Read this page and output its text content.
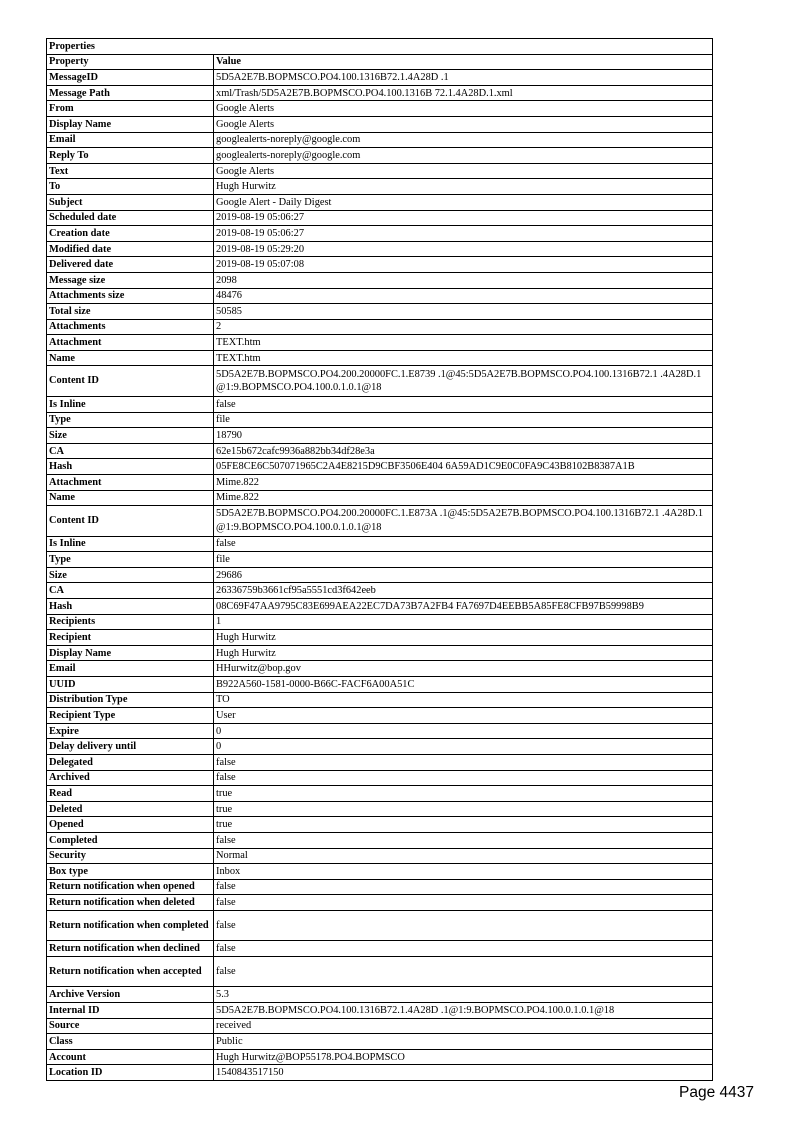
Properties	
Property	Value
MessageID	5D5A2E7B.BOPMSCO.PO4.100.1316B72.1.4A28D .1
Message Path	xml/Trash/5D5A2E7B.BOPMSCO.PO4.100.1316B 72.1.4A28D.1.xml
From	Google Alerts
Display Name	Google Alerts
Email	googlealerts-noreply@google.com
Reply To	googlealerts-noreply@google.com
Text	Google Alerts
To	Hugh Hurwitz
Subject	Google Alert - Daily Digest
Scheduled date	2019-08-19 05:06:27
Creation date	2019-08-19 05:06:27
Modified date	2019-08-19 05:29:20
Delivered date	2019-08-19 05:07:08
Message size	2098
Attachments size	48476
Total size	50585
Attachments	2
Attachment	TEXT.htm
Name	TEXT.htm
Content ID	5D5A2E7B.BOPMSCO.PO4.200.20000FC.1.E8739 .1@45:5D5A2E7B.BOPMSCO.PO4.100.1316B72.1 .4A28D.1@1:9.BOPMSCO.PO4.100.0.1.0.1@18
Is Inline	false
Type	file
Size	18790
CA	62e15b672cafc9936a882bb34df28e3a
Hash	05FE8CE6C507071965C2A4E8215D9CBF3506E404 6A59AD1C9E0C0FA9C43B8102B8387A1B
Attachment	Mime.822
Name	Mime.822
Content ID	5D5A2E7B.BOPMSCO.PO4.200.20000FC.1.E873A .1@45:5D5A2E7B.BOPMSCO.PO4.100.1316B72.1 .4A28D.1@1:9.BOPMSCO.PO4.100.0.1.0.1@18
Is Inline	false
Type	file
Size	29686
CA	26336759b3661cf95a5551cd3f642eeb
Hash	08C69F47AA9795C83E699AEA22EC7DA73B7A2FB4 FA7697D4EEBB5A85FE8CFB97B59998B9
Recipients	1
Recipient	Hugh Hurwitz
Display Name	Hugh Hurwitz
Email	HHurwitz@bop.gov
UUID	B922A560-1581-0000-B66C-FACF6A00A51C
Distribution Type	TO
Recipient Type	User
Expire	0
Delay delivery until	0
Delegated	false
Archived	false
Read	true
Deleted	true
Opened	true
Completed	false
Security	Normal
Box type	Inbox
Return notification when opened	false
Return notification when deleted	false
Return notification when completed	false
Return notification when declined	false
Return notification when accepted	false
Archive Version	5.3
Internal ID	5D5A2E7B.BOPMSCO.PO4.100.1316B72.1.4A28D .1@1:9.BOPMSCO.PO4.100.0.1.0.1@18
Source	received
Class	Public
Account	Hugh Hurwitz@BOP55178.PO4.BOPMSCO
Location ID	1540843517150
Page 4437
